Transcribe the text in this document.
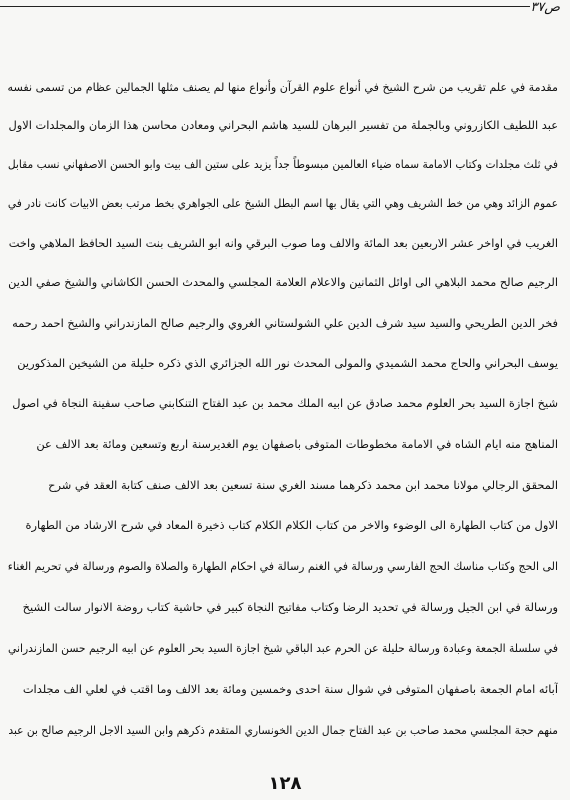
ص٣٧
مقدمة في علم تقريب من شرح الشيخ في أنواع علوم القرآن وأنواع منها لم يصنف مثلها الجمالين عظام من تسمى نفسه
عبد اللطيف الكازروني وبالجملة من تفسير البرهان للسيد هاشم البحراني ومعادن محاسن هذا الزمان والمجلدات الاول
في ثلث مجلدات وكتاب الامامة سماه ضياء العالمين مبسوطاً جداً يزيد على ستين الف بيت وابو الحسن الاصفهاني نسب مقابل
عموم الزائد وهي من خط الشريف وهي التي يقال بها اسم البطل الشيخ على الجواهري بخط مرتب بعض الابيات كانت نادر في
الغريب في اواخر عشر الاربعين بعد المائة والالف وما صوب البرقي وانه ابو الشريف بنت السيد الحافظ الملاهي واخت
الرجيم صالح محمد البلاهي الى اوائل الثمانين والاعلام العلامة المجلسي والمحدث الحسن الكاشاني والشيخ صفي الدين
فخر الدين الطريحي والسيد سيد شرف الدين علي الشولستاني الغروي والرجيم صالح المازندراني والشيخ احمد رحمه
يوسف البحراني والحاج محمد الشميدي والمولى المحدث نور الله الجزائري الذي ذكره حليلة من الشيخين المذكورين
شيخ اجازة السيد بحر العلوم محمد صادق عن ابيه الملك محمد بن عبد الفتاح التنكابني صاحب سفينة النجاة في اصول
المناهج منه ايام الشاه في الامامة مخطوطات المتوفى باصفهان يوم الغديرسنة اربع وتسعين ومائة بعد الالف عن
المحقق الرجالي مولانا محمد ابن محمد ذكرهما مسند الغري سنة تسعين بعد الالف صنف كتابة العقد في شرح
الاول من كتاب الطهارة الى الوضوء والاخر من كتاب الكلام الكلام كتاب ذخيرة المعاد في شرح الارشاد من الطهارة
الى الحج وكتاب مناسك الحج الفارسي ورسالة في الغنم رسالة في احكام الطهارة والصلاة والصوم ورسالة في تحريم الغناء
ورسالة في ابن الجيل ورسالة في تحديد الرضا وكتاب مفاتيح النجاة كبير في حاشية كتاب روضة الانوار سالت الشيخ
في سلسلة الجمعة وعبادة ورسالة حليلة عن الحرم عبد الباقي شيخ اجازة السيد بحر العلوم عن ابيه الرجيم حسن المازندراني
آبائه امام الجمعة باصفهان المتوفى في شوال سنة احدى وخمسين ومائة بعد الالف وما اقتب في لعلي الف مجلدات
منهم حجة المجلسي محمد صاحب بن عبد الفتاح جمال الدين الخونساري المتقدم ذكرهم وابن السيد الاجل الرجيم صالح بن عبد
١٢٨
